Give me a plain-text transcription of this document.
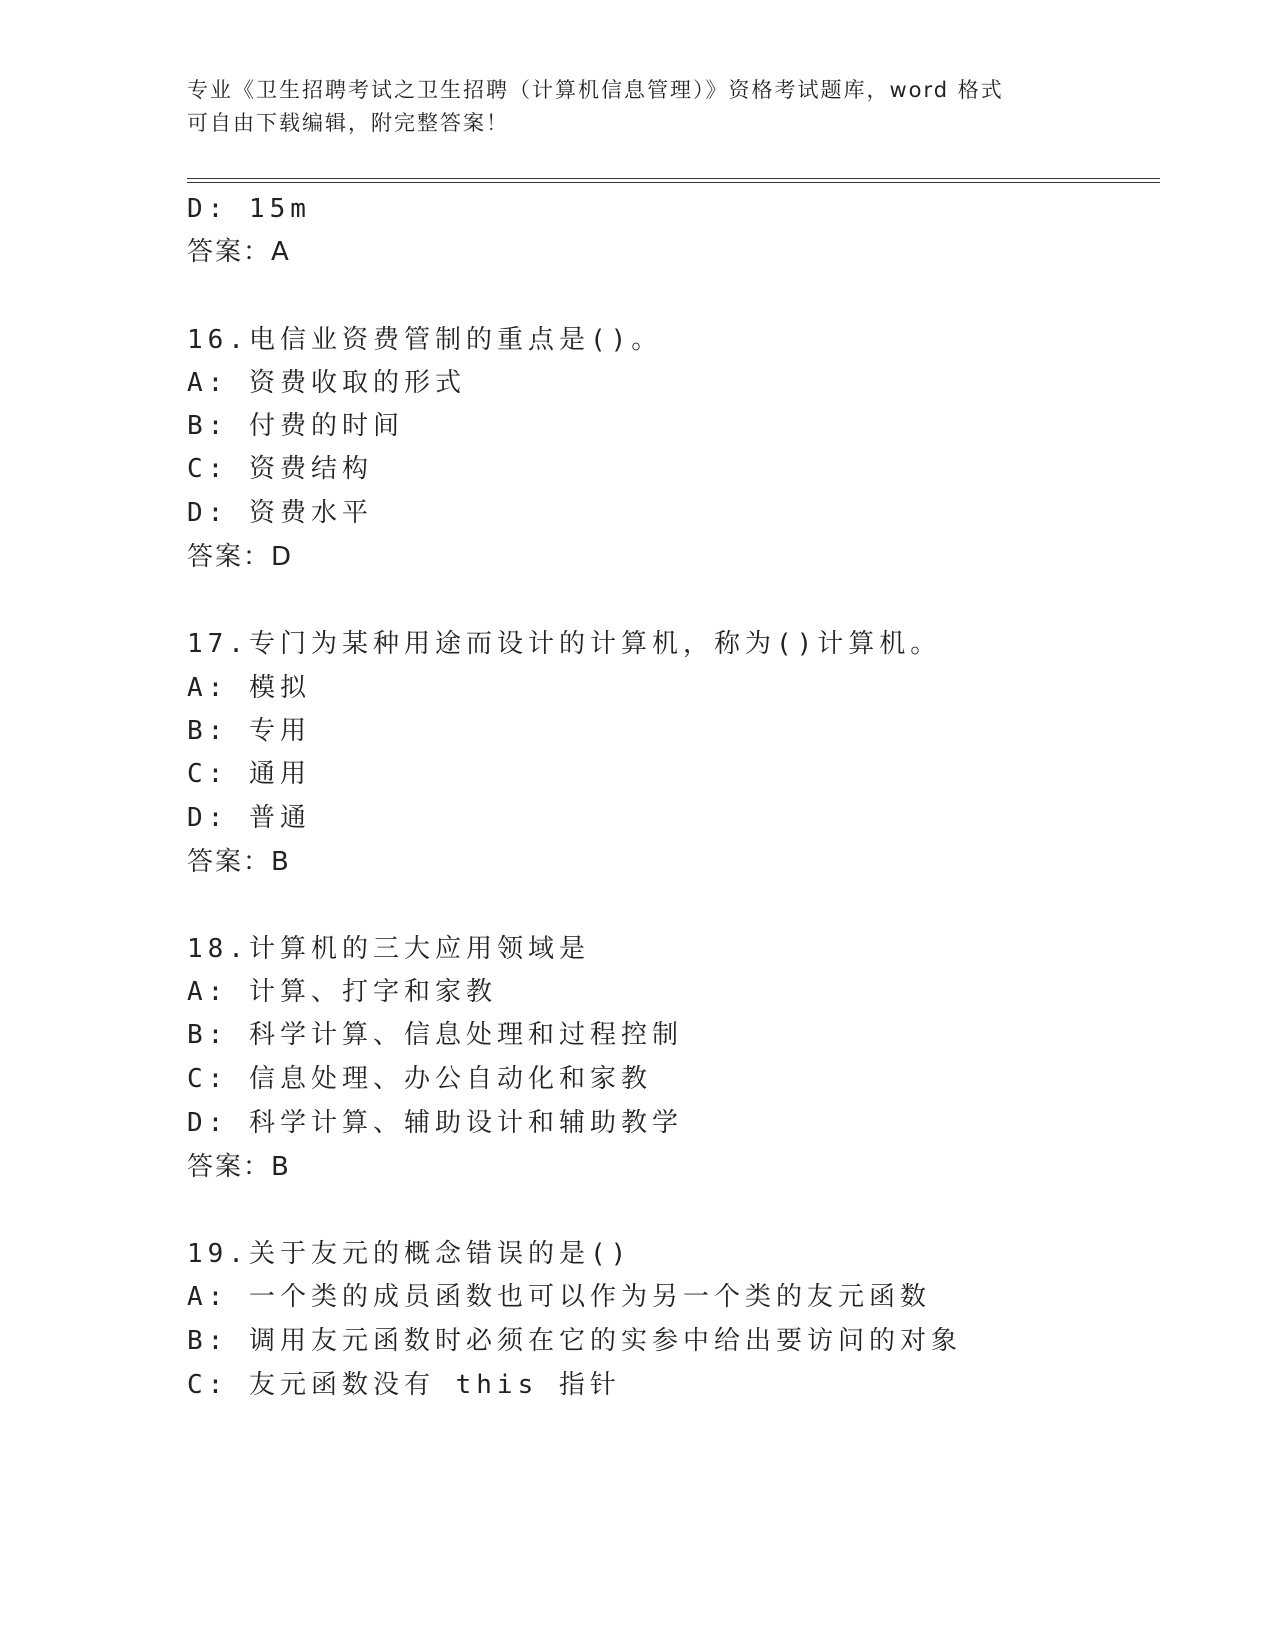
专业《卫生招聘考试之卫生招聘（计算机信息管理）》资格考试题库，word 格式
可自由下载编辑，附完整答案！
D: 15m
答案：A
16.电信业资费管制的重点是()。
A: 资费收取的形式
B: 付费的时间
C: 资费结构
D: 资费水平
答案：D
17.专门为某种用途而设计的计算机，称为()计算机。
A: 模拟
B: 专用
C: 通用
D: 普通
答案：B
18.计算机的三大应用领域是
A: 计算、打字和家教
B: 科学计算、信息处理和过程控制
C: 信息处理、办公自动化和家教
D: 科学计算、辅助设计和辅助教学
答案：B
19.关于友元的概念错误的是()
A: 一个类的成员函数也可以作为另一个类的友元函数
B: 调用友元函数时必须在它的实参中给出要访问的对象
C: 友元函数没有 this 指针
